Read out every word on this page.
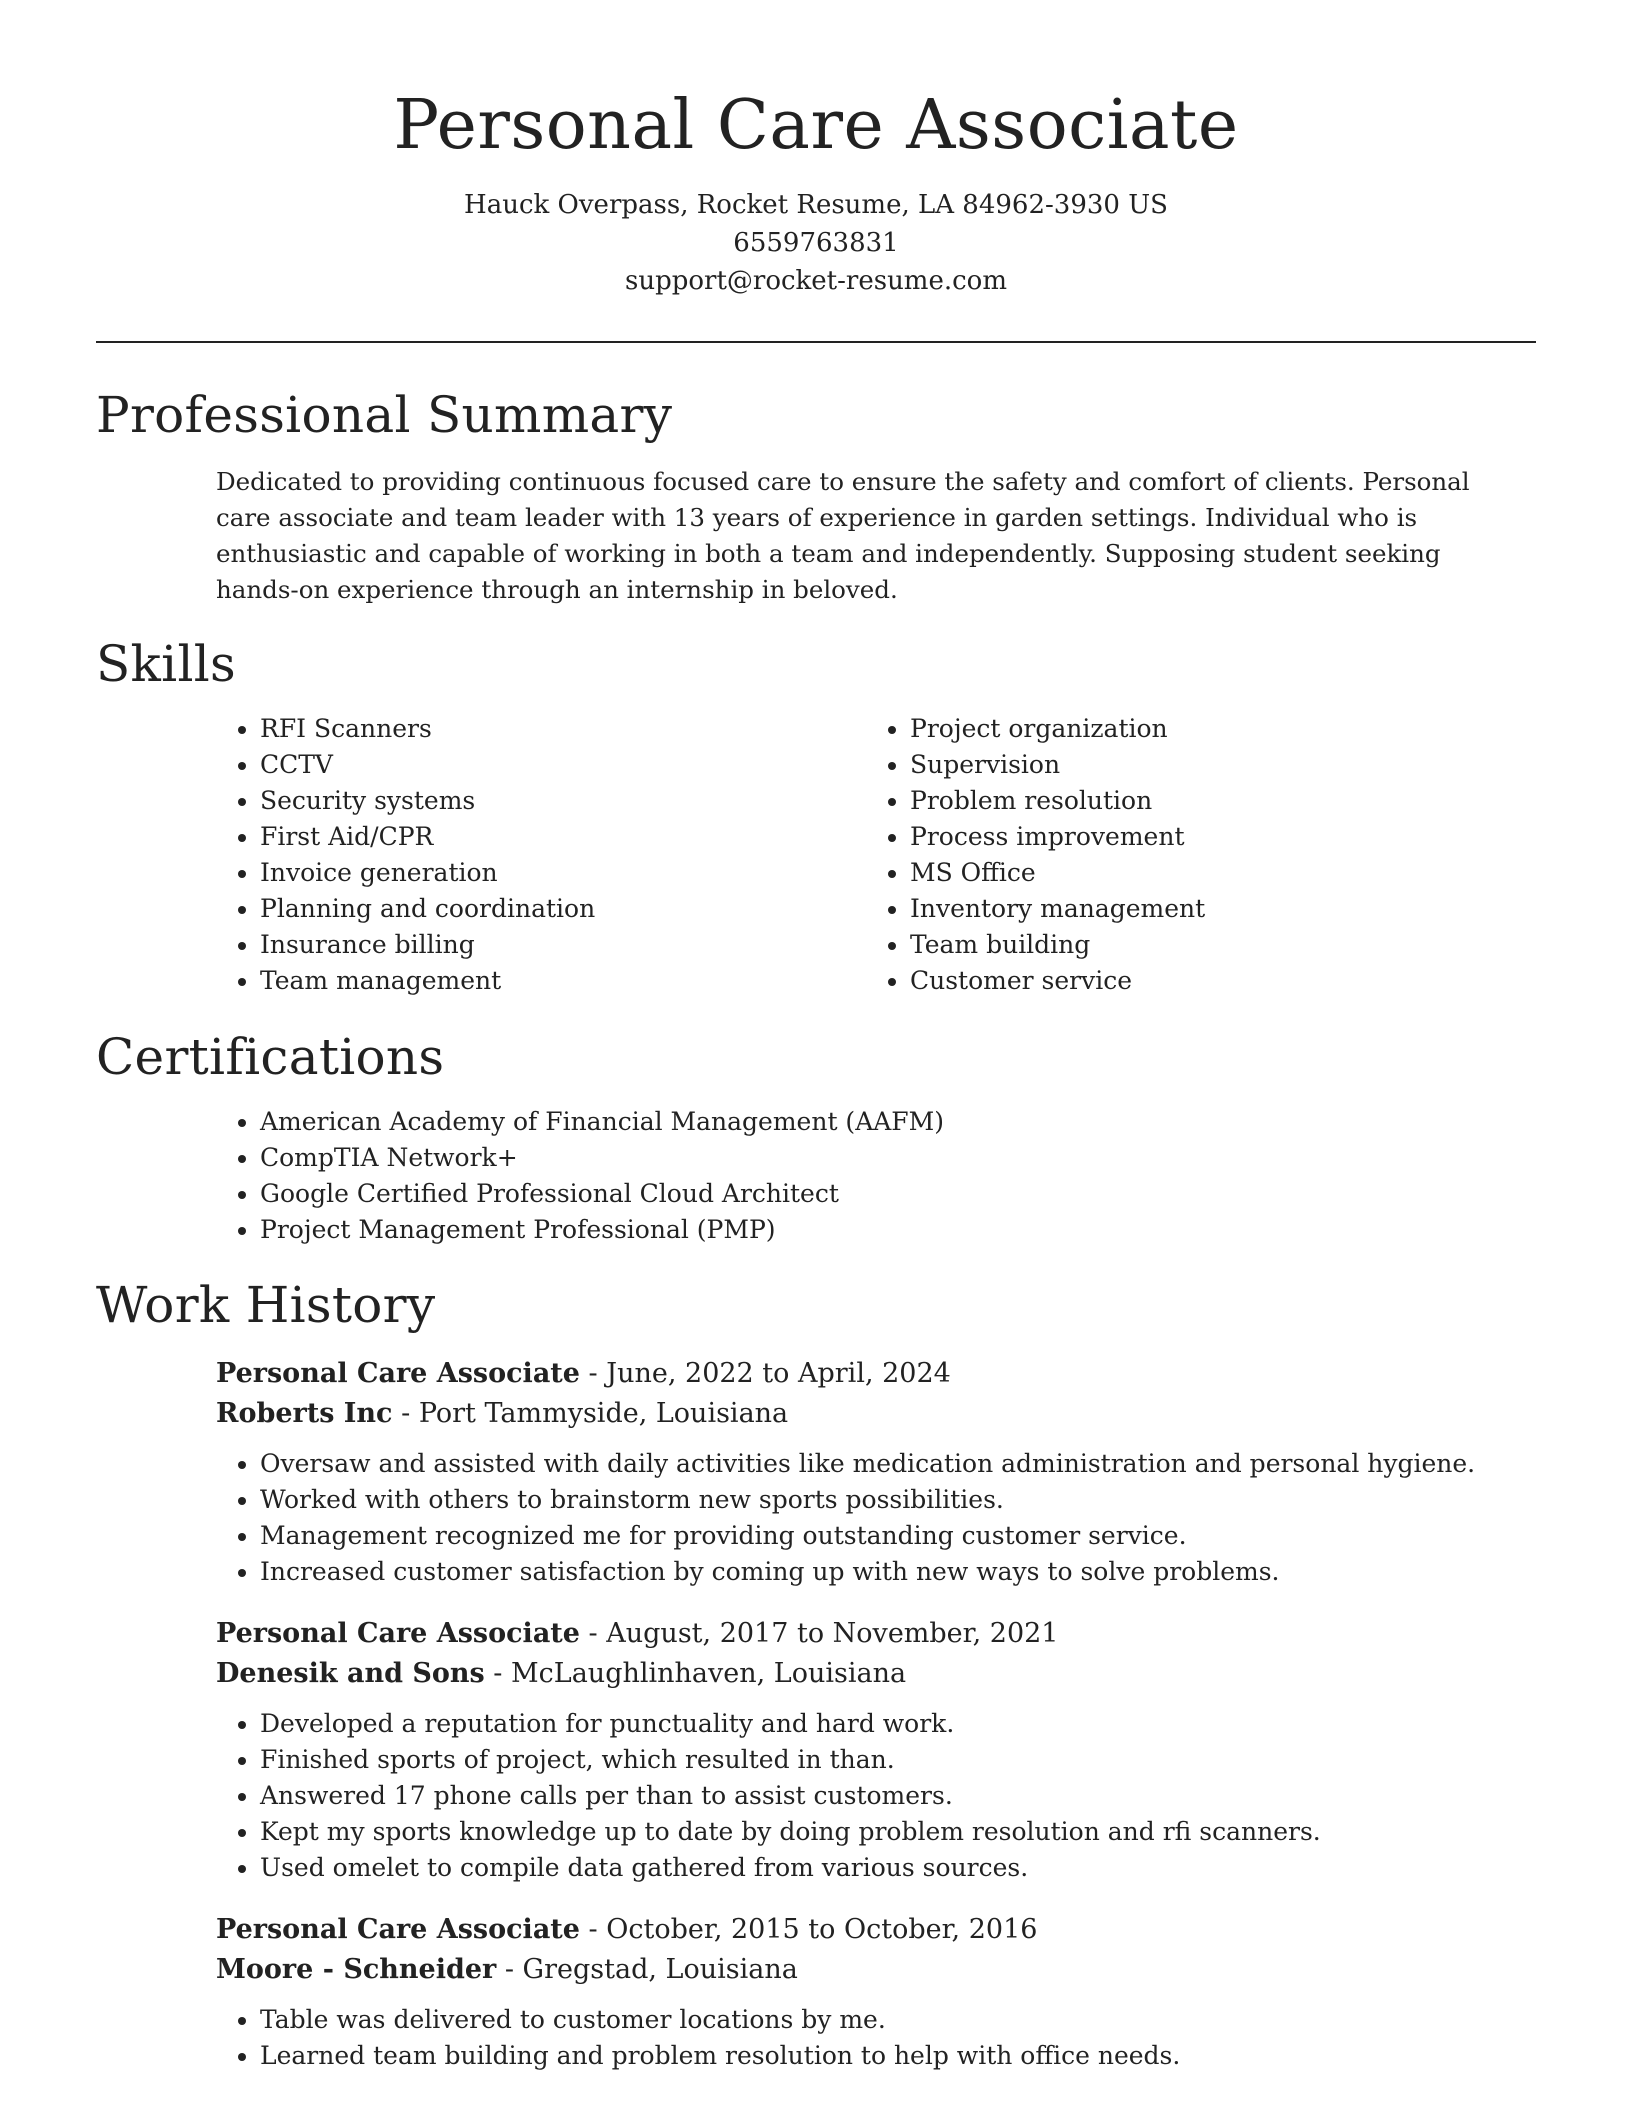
Personal Care Associate

Hauck Overpass, Rocket Resume, LA 84962-3930 US

6559763831

support@rocket-resume.com

Professional Summary

Dedicated to providing continuous focused care to ensure the safety and comfort of clients. Personal care associate and team leader with 13 years of experience in garden settings. Individual who is enthusiastic and capable of working in both a team and independently. Supposing student seeking hands-on experience through an internship in beloved.

Skills
• RFI Scanners
• CCTV
• Security systems
• First Aid/CPR
• Invoice generation
• Planning and coordination
• Insurance billing
• Team management
• Project organization
• Supervision
• Problem resolution
• Process improvement
• MS Office
• Inventory management
• Team building
• Customer service
Certifications
• American Academy of Financial Management (AAFM)
• CompTIA Network+
• Google Certified Professional Cloud Architect
• Project Management Professional (PMP)
Work History

Personal Care Associate - June, 2022 to April, 2024

Roberts Inc - Port Tammyside, Louisiana

• Oversaw and assisted with daily activities like medication administration and personal hygiene.
• Worked with others to brainstorm new sports possibilities.
• Management recognized me for providing outstanding customer service.
• Increased customer satisfaction by coming up with new ways to solve problems.

Personal Care Associate - August, 2017 to November, 2021

Denesik and Sons - McLaughlinhaven, Louisiana

• Developed a reputation for punctuality and hard work.
• Finished sports of project, which resulted in than.
• Answered 17 phone calls per than to assist customers.
• Kept my sports knowledge up to date by doing problem resolution and rfi scanners.
• Used omelet to compile data gathered from various sources.

Personal Care Associate - October, 2015 to October, 2016

Moore - Schneider - Gregstad, Louisiana

• Table was delivered to customer locations by me.
• Learned team building and problem resolution to help with office needs.
